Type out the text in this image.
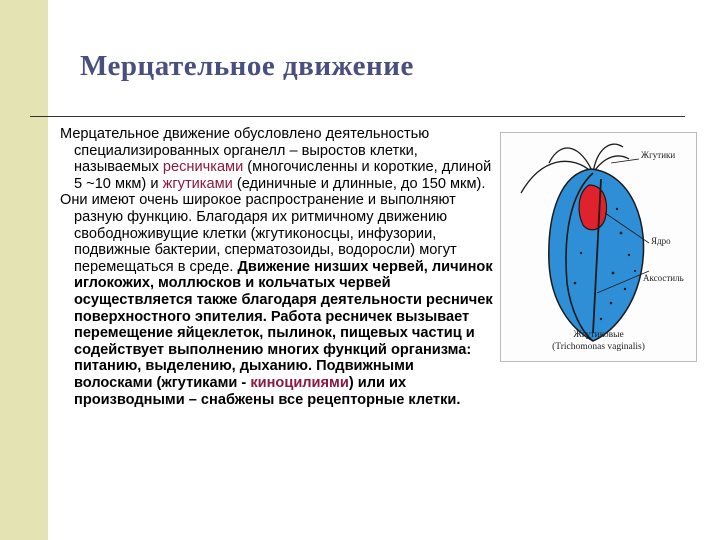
Мерцательное движение

Мерцательное движение обусловлено деятельностью специализированных органелл – выростов клетки, называемых ресничками (многочисленны и короткие, длиной 5 ~10 мкм) и жгутиками (единичные и длинные, до 150 мкм).

Они имеют очень широкое распространение и выполняют разную функцию. Благодаря их ритмичному движению свободноживущие клетки (жгутиконосцы, инфузории, подвижные бактерии, сперматозоиды, водоросли) могут перемещаться в среде. Движение низших червей, личинок иглокожих, моллюсков и кольчатых червей осуществляется также благодаря деятельности ресничек поверхностного эпителия. Работа ресничек вызывает перемещение яйцеклеток, пылинок, пищевых частиц и содействует выполнению многих функций организма: питанию, выделению, дыханию. Подвижными волосками (жгутиками - киноцилиями) или их производными – снабжены все рецепторные клетки.

Жгутики
Ядро
Аксостиль
Жгутиковые
(Trichomonas vaginalis)
